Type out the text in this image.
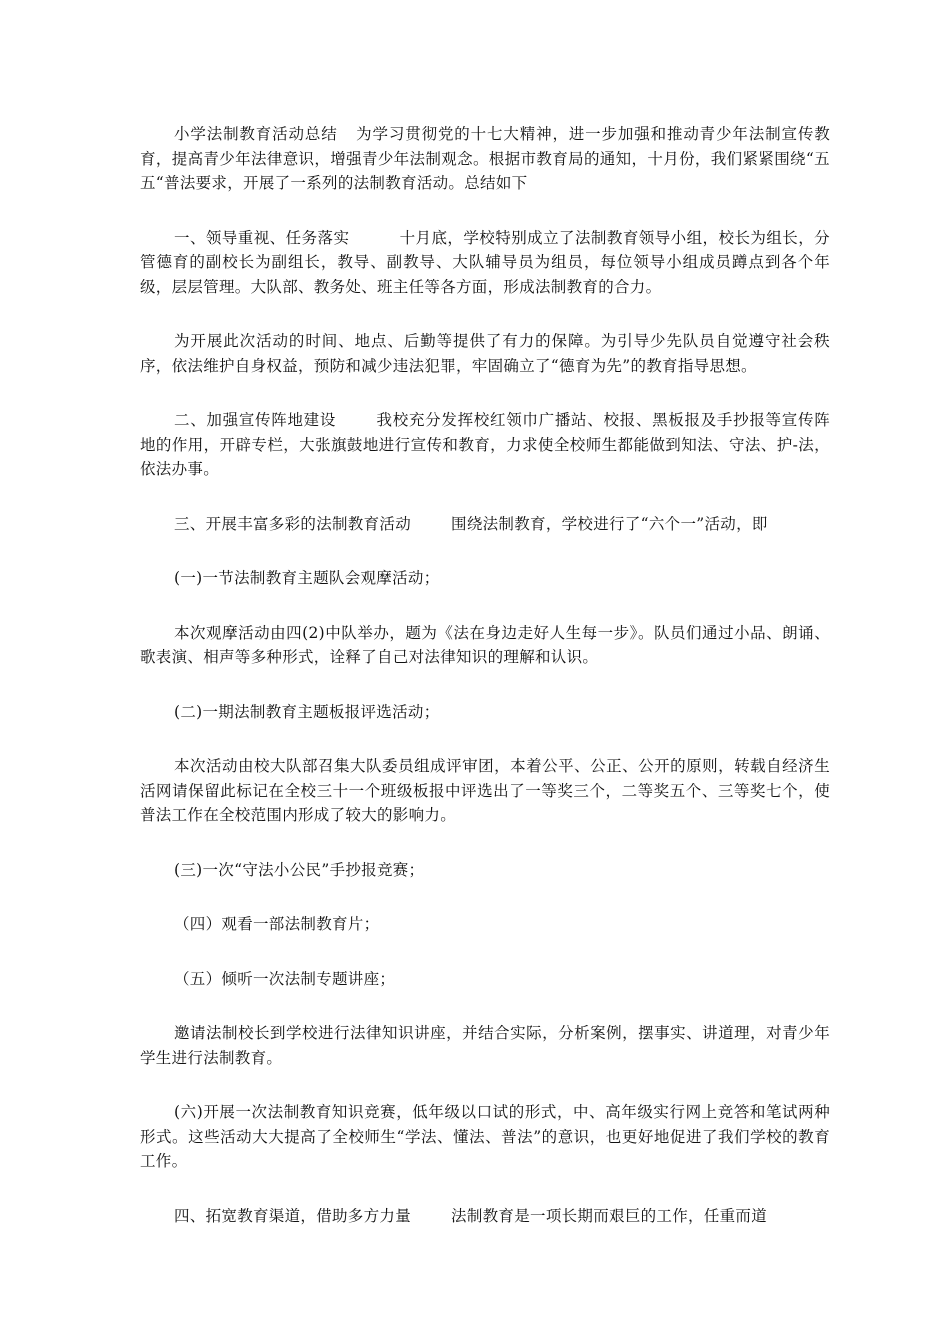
小学法制教育活动总结 为学习贯彻党的十七大精神，进一步加强和推动青少年法制宣传教育，提高青少年法律意识，增强青少年法制观念。根据市教育局的通知，十月份，我们紧紧围绕“五五“普法要求，开展了一系列的法制教育活动。总结如下

一、领导重视、任务落实	十月底，学校特别成立了法制教育领导小组，校长为组长，分管德育的副校长为副组长，教导、副教导、大队辅导员为组员，每位领导小组成员蹲点到各个年级，层层管理。大队部、教务处、班主任等各方面，形成法制教育的合力。

为开展此次活动的时间、地点、后勤等提供了有力的保障。为引导少先队员自觉遵守社会秩序，依法维护自身权益，预防和减少违法犯罪，牢固确立了“德育为先”的教育指导思想。

二、加强宣传阵地建设	我校充分发挥校红领巾广播站、校报、黑板报及手抄报等宣传阵地的作用，开辟专栏，大张旗鼓地进行宣传和教育，力求使全校师生都能做到知法、守法、护-法，依法办事。

三、开展丰富多彩的法制教育活动	围绕法制教育，学校进行了“六个一”活动，即

(一)一节法制教育主题队会观摩活动；

本次观摩活动由四(2)中队举办，题为《法在身边走好人生每一步》。队员们通过小品、朗诵、歌表演、相声等多种形式，诠释了自己对法律知识的理解和认识。

(二)一期法制教育主题板报评选活动；

本次活动由校大队部召集大队委员组成评审团，本着公平、公正、公开的原则，转载自经济生活网请保留此标记在全校三十一个班级板报中评选出了一等奖三个，二等奖五个、三等奖七个，使普法工作在全校范围内形成了较大的影响力。

(三)一次“守法小公民”手抄报竞赛；

（四）观看一部法制教育片；

（五）倾听一次法制专题讲座；

邀请法制校长到学校进行法律知识讲座，并结合实际，分析案例，摆事实、讲道理，对青少年学生进行法制教育。

(六)开展一次法制教育知识竞赛，低年级以口试的形式，中、高年级实行网上竞答和笔试两种形式。这些活动大大提高了全校师生“学法、懂法、普法”的意识，也更好地促进了我们学校的教育工作。

四、拓宽教育渠道，借助多方力量	法制教育是一项长期而艰巨的工作，任重而道
